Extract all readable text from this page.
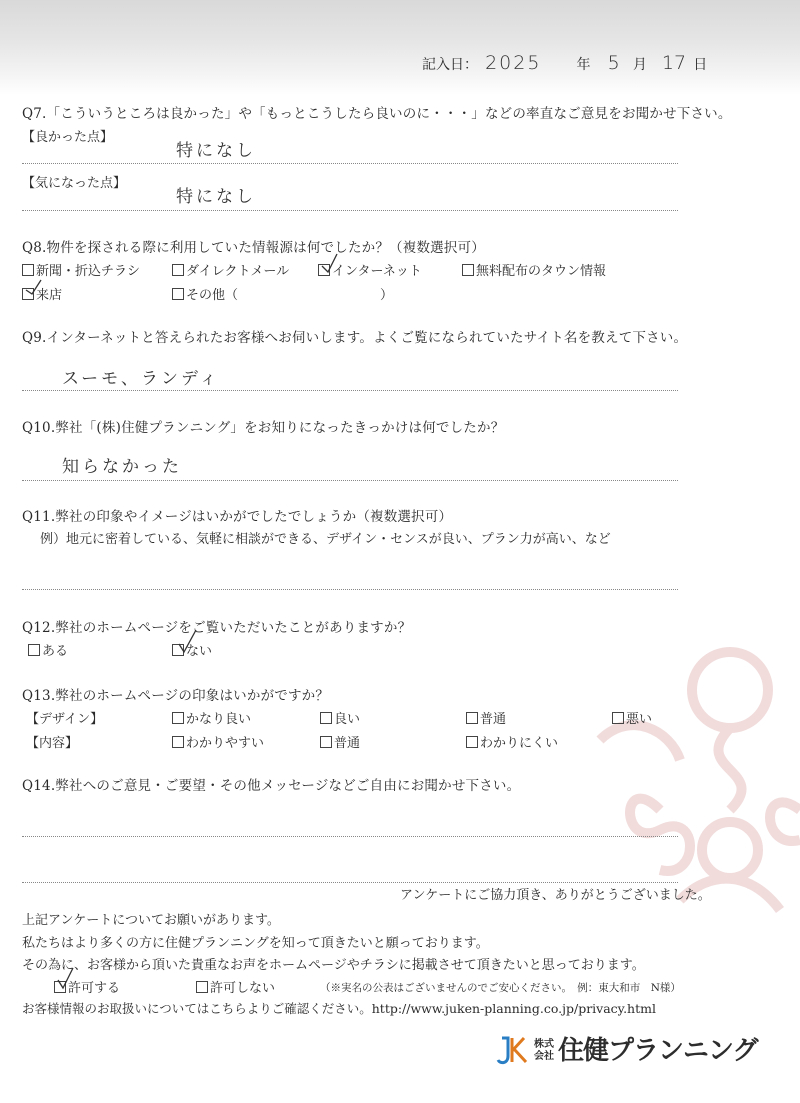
記入日： 2025	年 5 月 17 日
Q7.「こういうところは良かった」や「もっとこうしたら良いのに・・・」などの率直なご意見をお聞かせ下さい。
【良かった点】
特になし
【気になった点】
特になし
Q8.物件を探される際に利用していた情報源は何でしたか？（複数選択可）
新聞・折込チラシ	ダイレクトメール	インターネット	無料配布のタウン情報
来店	その他（	）
Q9.インターネットと答えられたお客様へお伺いします。よくご覧になられていたサイト名を教えて下さい。
スーモ、ランディ
Q10.弊社「(株)住健プランニング」をお知りになったきっかけは何でしたか？
知らなかった
Q11.弊社の印象やイメージはいかがでしたでしょうか（複数選択可）
例）地元に密着している、気軽に相談ができる、デザイン・センスが良い、プラン力が高い、など
Q12.弊社のホームページをご覧いただいたことがありますか？
ある	ない
Q13.弊社のホームページの印象はいかがですか？
【デザイン】	かなり良い	良い	普通	悪い
【内容】	わかりやすい	普通	わかりにくい
Q14.弊社へのご意見・ご要望・その他メッセージなどご自由にお聞かせ下さい。
アンケートにご協力頂き、ありがとうございました。
上記アンケートについてお願いがあります。
私たちはより多くの方に住健プランニングを知って頂きたいと願っております。
その為に、お客様から頂いた貴重なお声をホームページやチラシに掲載させて頂きたいと思っております。
許可する	許可しない	（※実名の公表はございませんのでご安心ください。　例：東大和市　N様）
お客様情報のお取扱いについてはこちらよりご確認ください。http://www.juken-planning.co.jp/privacy.html
株式
会社 住健プランニング
